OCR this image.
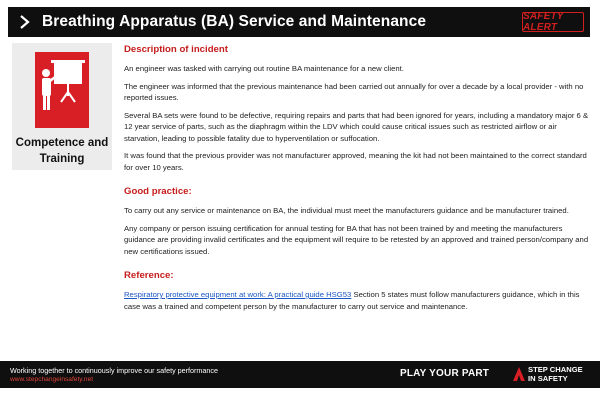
Breathing Apparatus (BA) Service and Maintenance	SAFETY ALERT
Competence and Training
Description of incident

An engineer was tasked with carrying out routine BA maintenance for a new client.

The engineer was informed that the previous maintenance had been carried out annually for over a decade by a local provider - with no reported issues.

Several BA sets were found to be defective, requiring repairs and parts that had been ignored for years, including a mandatory major 6 & 12 year service of parts, such as the diaphragm within the LDV which could cause critical issues such as restricted airflow or air starvation, leading to possible fatality due to hyperventilation or suffocation.

It was found that the previous provider was not manufacturer approved, meaning the kit had not been maintained to the correct standard for over 10 years.

Good practice:

To carry out any service or maintenance on BA, the individual must meet the manufacturers guidance and be manufacturer trained.

Any company or person issuing certification for annual testing for BA that has not been trained by and meeting the manufacturers guidance are providing invalid certificates and the equipment will require to be retested by an approved and trained person/company and new certifications issued.

Reference:

Respiratory protective equipment at work: A practical guide HSG53 Section 5 states must follow manufacturers guidance, which in this case was a trained and competent person by the manufacturer to carry out service and maintenance.

Working together to continuously improve our safety performance
www.stepchangeinsafety.net
PLAY YOUR PART	STEP CHANGE
IN SAFETY
